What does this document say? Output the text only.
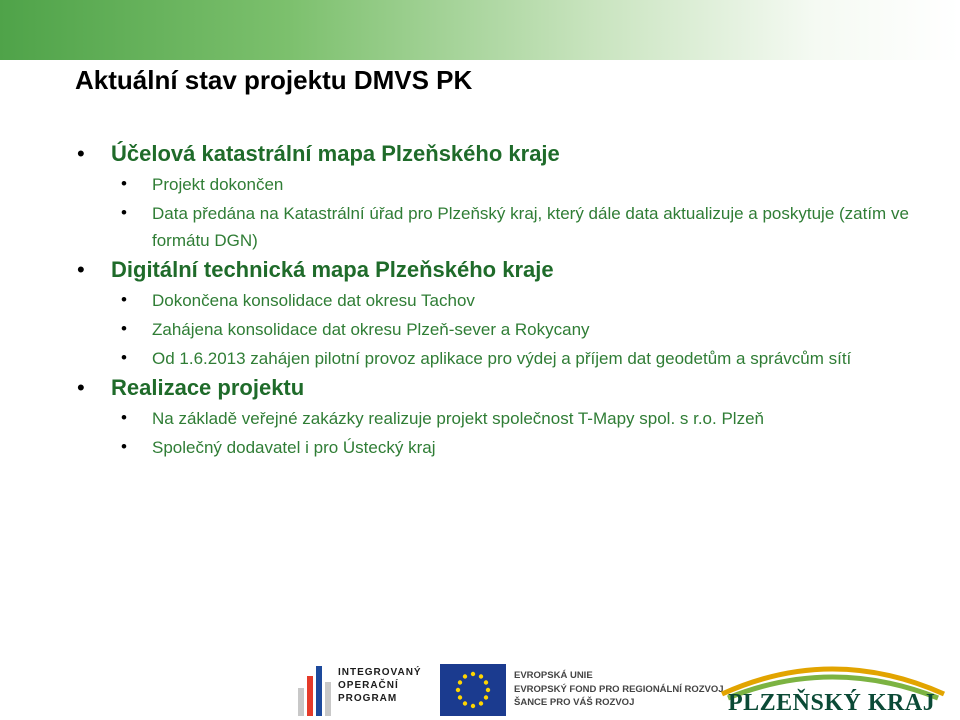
Aktuální stav projektu DMVS PK
• Účelová katastrální mapa Plzeňského kraje
• Projekt dokončen
• Data předána na Katastrální úřad pro Plzeňský kraj, který dále data aktualizuje a poskytuje (zatím ve formátu DGN)
• Digitální technická mapa Plzeňského kraje
• Dokončena konsolidace dat okresu Tachov
• Zahájena konsolidace dat okresu Plzeň-sever a Rokycany
• Od 1.6.2013 zahájen pilotní provoz aplikace pro výdej a příjem dat geodetům a správcům sítí
• Realizace projektu
• Na základě veřejné zakázky realizuje projekt společnost T-Mapy spol. s r.o. Plzeň
• Společný dodavatel i pro Ústecký kraj
INTEGROVANÝ
OPERAČNÍ
PROGRAM
EVROPSKÁ UNIE
EVROPSKÝ FOND PRO REGIONÁLNÍ ROZVOJ
ŠANCE PRO VÁŠ ROZVOJ	PLZEŇSKÝ KRAJ
